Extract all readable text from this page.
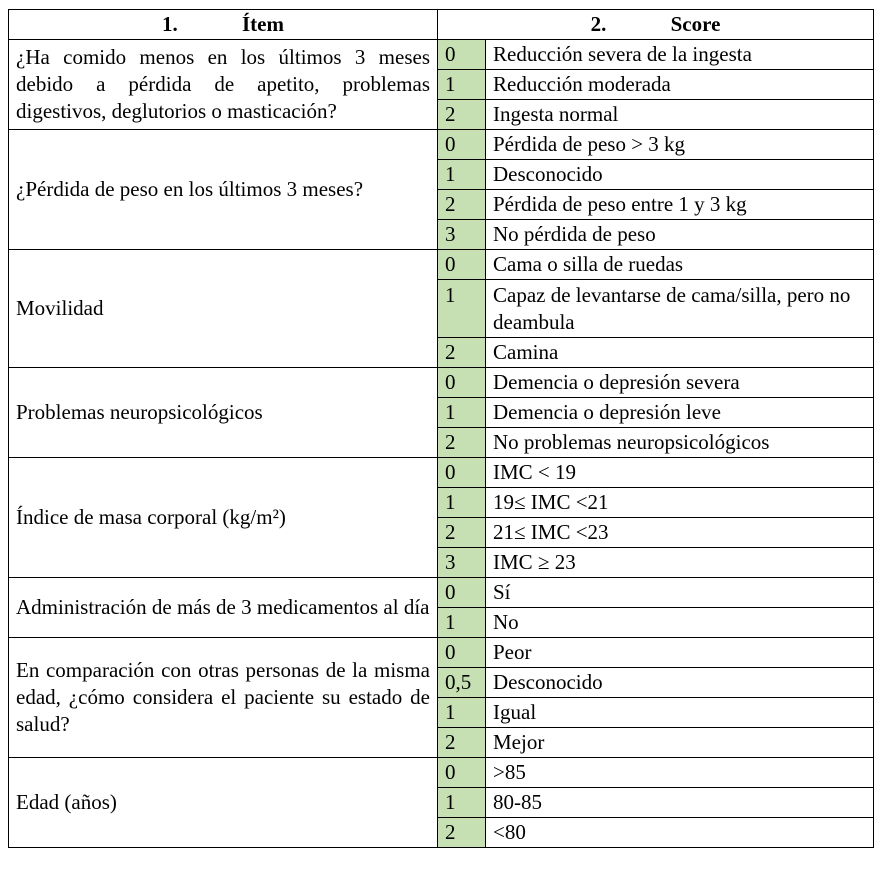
1. Ítem	2. Score	
¿Ha comido menos en los últimos 3 meses debido a pérdida de apetito, problemas digestivos, deglutorios o masticación?	0	Reducción severa de la ingesta
	1	Reducción moderada
	2	Ingesta normal
¿Pérdida de peso en los últimos 3 meses?	0	Pérdida de peso > 3 kg
	1	Desconocido
	2	Pérdida de peso entre 1 y 3 kg
	3	No pérdida de peso
Movilidad	0	Cama o silla de ruedas
	1	Capaz de levantarse de cama/silla, pero no deambula
	2	Camina
Problemas neuropsicológicos	0	Demencia o depresión severa
	1	Demencia o depresión leve
	2	No problemas neuropsicológicos
Índice de masa corporal (kg/m²)	0	IMC < 19
	1	19≤ IMC <21
	2	21≤ IMC <23
	3	IMC ≥ 23
Administración de más de 3 medicamentos al día	0	Sí
	1	No
En comparación con otras personas de la misma edad, ¿cómo considera el paciente su estado de salud?	0	Peor
	0,5	Desconocido
	1	Igual
	2	Mejor
Edad (años)	0	>85
	1	80-85
	2	<80
